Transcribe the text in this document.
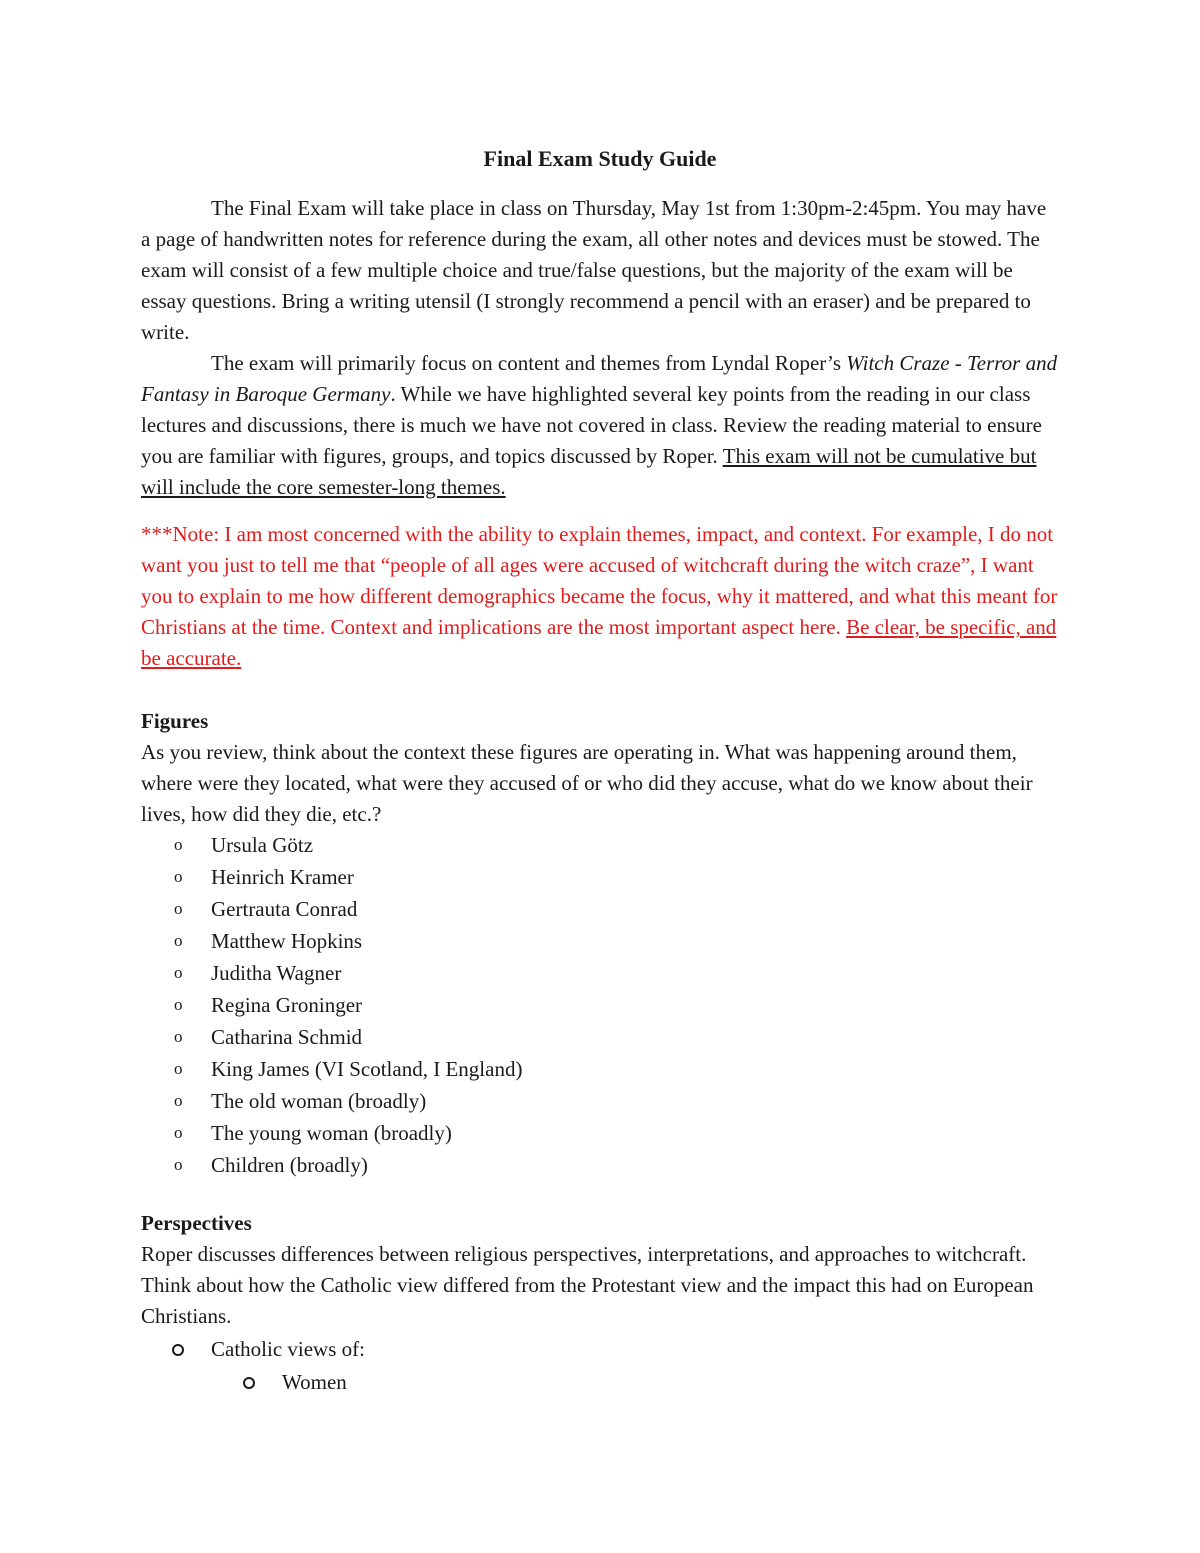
Final Exam Study Guide
The Final Exam will take place in class on Thursday, May 1st from 1:30pm-2:45pm. You may have a page of handwritten notes for reference during the exam, all other notes and devices must be stowed. The exam will consist of a few multiple choice and true/false questions, but the majority of the exam will be essay questions. Bring a writing utensil (I strongly recommend a pencil with an eraser) and be prepared to write.
The exam will primarily focus on content and themes from Lyndal Roper’s Witch Craze - Terror and Fantasy in Baroque Germany. While we have highlighted several key points from the reading in our class lectures and discussions, there is much we have not covered in class. Review the reading material to ensure you are familiar with figures, groups, and topics discussed by Roper. This exam will not be cumulative but will include the core semester-long themes.
***Note: I am most concerned with the ability to explain themes, impact, and context. For example, I do not want you just to tell me that “people of all ages were accused of witchcraft during the witch craze”, I want you to explain to me how different demographics became the focus, why it mattered, and what this meant for Christians at the time. Context and implications are the most important aspect here. Be clear, be specific, and be accurate.
Figures
As you review, think about the context these figures are operating in. What was happening around them, where were they located, what were they accused of or who did they accuse, what do we know about their lives, how did they die, etc.?
o Ursula Götz
o Heinrich Kramer
o Gertrauta Conrad
o Matthew Hopkins
o Juditha Wagner
o Regina Groninger
o Catharina Schmid
o King James (VI Scotland, I England)
o The old woman (broadly)
o The young woman (broadly)
o Children (broadly)
Perspectives
Roper discusses differences between religious perspectives, interpretations, and approaches to witchcraft. Think about how the Catholic view differed from the Protestant view and the impact this had on European Christians.
Catholic views of:
Women
